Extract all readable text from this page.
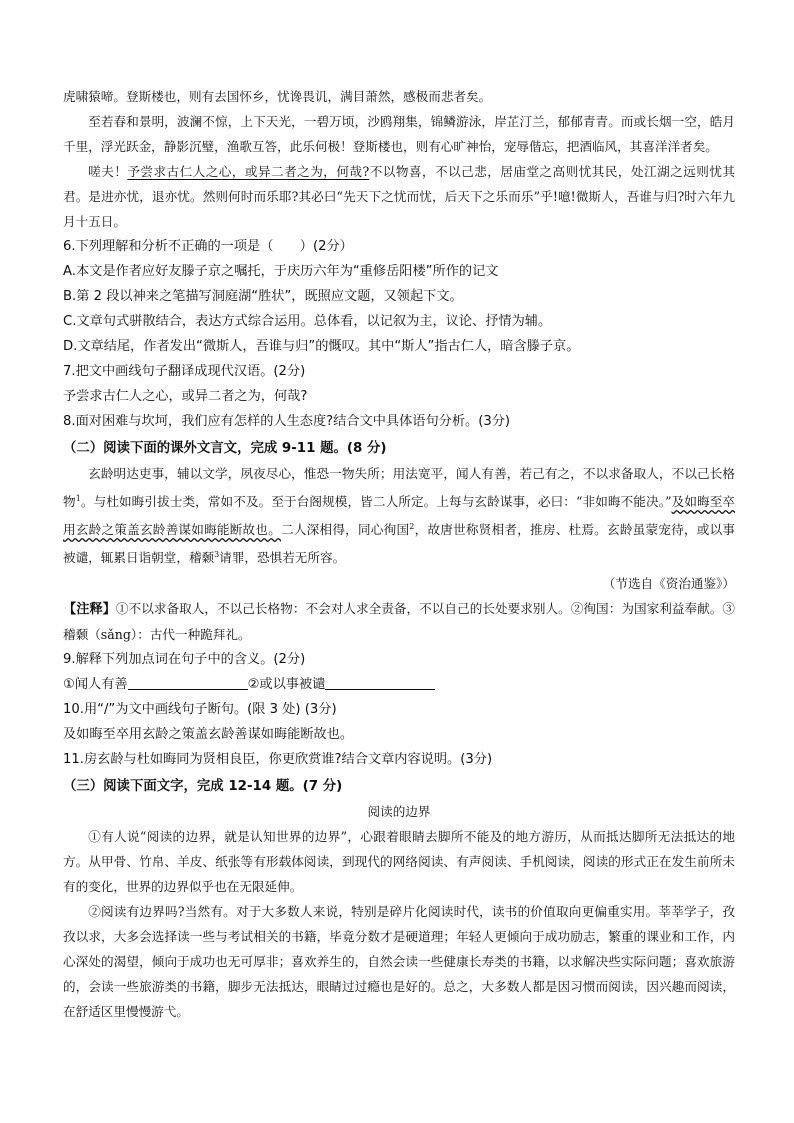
虎啸猿啼。登斯楼也，则有去国怀乡，忧谗畏讥，满目萧然，感极而悲者矣。

至若春和景明，波澜不惊，上下天光，一碧万顷，沙鸥翔集，锦鳞游泳，岸芷汀兰，郁郁青青。而或长烟一空，皓月千里，浮光跃金，静影沉璧，渔歌互答，此乐何极！登斯楼也，则有心旷神怡，宠辱偕忘，把酒临风，其喜洋洋者矣。

嗟夫！予尝求古仁人之心，或异二者之为，何哉?不以物喜，不以己悲，居庙堂之高则忧其民，处江湖之远则忧其君。是进亦忧，退亦忧。然则何时而乐耶?其必曰“先天下之忧而忧，后天下之乐而乐”乎!噫!微斯人，吾谁与归?时六年九月十五日。

6.下列理解和分析不正确的一项是（　　）(2分）

A.本文是作者应好友滕子京之嘱托，于庆历六年为“重修岳阳楼”所作的记文

B.第 2 段以神来之笔描写洞庭湖“胜状”，既照应文题，又领起下文。

C.文章句式骈散结合，表达方式综合运用。总体看，以记叙为主，议论、抒情为辅。

D.文章结尾，作者发出“微斯人，吾谁与归”的慨叹。其中“斯人”指古仁人，暗含滕子京。

7.把文中画线句子翻译成现代汉语。(2分)

予尝求古仁人之心，或异二者之为，何哉?

8.面对困难与坎坷，我们应有怎样的人生态度?结合文中具体语句分析。(3分)

（二）阅读下面的课外文言文，完成 9-11 题。(8 分)

玄龄明达吏事，辅以文学，夙夜尽心，惟恐一物失所；用法宽平，闻人有善，若己有之，不以求备取人，不以己长格物$^1$。与杜如晦引拔士类，常如不及。至于台阁规模，皆二人所定。上每与玄龄谋事，必曰：“非如晦不能决。”及如晦至卒用玄龄之策盖玄龄善谋如晦能断故也。二人深相得，同心徇国$^2$，故唐世称贤相者，推房、杜焉。玄龄虽蒙宠待，或以事被谴，辄累日诣朝堂，稽颡$^3$请罪，恐惧若无所容。

（节选自《资治通鉴》）

【注释】①不以求备取人，不以己长格物：不会对人求全责备，不以自己的长处要求别人。②徇国：为国家利益奉献。③稽颡（sǎng）：古代一种跪拜礼。

9.解释下列加点词在句子中的含义。(2分)

①闻人有善	②或以事被谴

10.用“/”为文中画线句子断句。(限 3 处) (3分)

及如晦至卒用玄龄之策盖玄龄善谋如晦能断故也。

11.房玄龄与杜如晦同为贤相良臣，你更欣赏谁?结合文章内容说明。(3分)

（三）阅读下面文字，完成 12-14 题。(7 分)

阅读的边界

①有人说“阅读的边界，就是认知世界的边界”，心跟着眼睛去脚所不能及的地方游历，从而抵达脚所无法抵达的地方。从甲骨、竹帛、羊皮、纸张等有形载体阅读，到现代的网络阅读、有声阅读、手机阅读，阅读的形式正在发生前所未有的变化，世界的边界似乎也在无限延伸。

②阅读有边界吗?当然有。对于大多数人来说，特别是碎片化阅读时代，读书的价值取向更偏重实用。莘莘学子，孜孜以求，大多会选择读一些与考试相关的书籍，毕竟分数才是硬道理；年轻人更倾向于成功励志，繁重的课业和工作，内心深处的渴望，倾向于成功也无可厚非；喜欢养生的，自然会读一些健康长寿类的书籍，以求解决些实际问题；喜欢旅游的，会读一些旅游类的书籍，脚步无法抵达，眼睛过过瘾也是好的。总之，大多数人都是因习惯而阅读，因兴趣而阅读，在舒适区里慢慢游弋。
